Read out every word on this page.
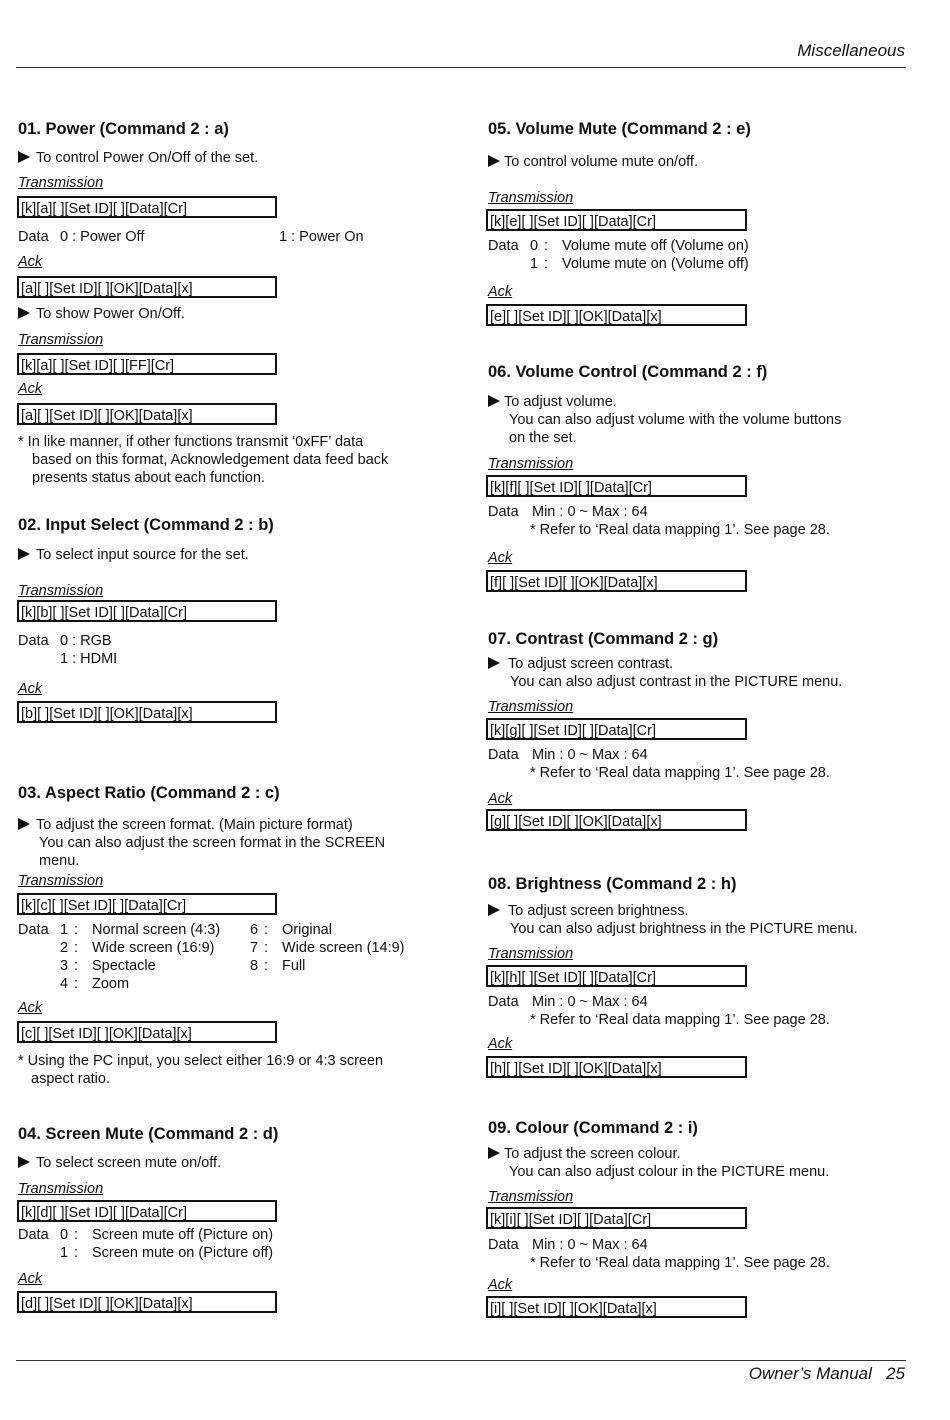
Miscellaneous
Owner’s Manual 25
01. Power (Command 2 : a)
To control Power On/Off of the set.
Transmission
[k][a][ ][Set ID][ ][Data][Cr]
Data 0 : Power Off	1 : Power On
Ack
[a][ ][Set ID][ ][OK][Data][x]
To show Power On/Off.
Transmission
[k][a][ ][Set ID][ ][FF][Cr]
Ack
[a][ ][Set ID][ ][OK][Data][x]
* In like manner, if other functions transmit ‘0xFF’ data
based on this format, Acknowledgement data feed back
presents status about each function.
02. Input Select (Command 2 : b)
To select input source for the set.
Transmission
[k][b][ ][Set ID][ ][Data][Cr]
Data 0 : RGB
1 : HDMI
Ack
[b][ ][Set ID][ ][OK][Data][x]
03. Aspect Ratio (Command 2 : c)
To adjust the screen format. (Main picture format)
You can also adjust the screen format in the SCREEN
menu.
Transmission
[k][c][ ][Set ID][ ][Data][Cr]
Data 1 : Normal screen (4:3)
2 : Wide screen (16:9)
3 : Spectacle
4 : Zoom
6 : Original
7 : Wide screen (14:9)
8 : Full
Ack
[c][ ][Set ID][ ][OK][Data][x]
* Using the PC input, you select either 16:9 or 4:3 screen
aspect ratio.
04. Screen Mute (Command 2 : d)
To select screen mute on/off.
Transmission
[k][d][ ][Set ID][ ][Data][Cr]
Data 0 : Screen mute off (Picture on)
1 : Screen mute on (Picture off)
Ack
[d][ ][Set ID][ ][OK][Data][x]
05. Volume Mute (Command 2 : e)
To control volume mute on/off.
Transmission
[k][e][ ][Set ID][ ][Data][Cr]
Data 0 : Volume mute off (Volume on)
1 : Volume mute on (Volume off)
Ack
[e][ ][Set ID][ ][OK][Data][x]
06. Volume Control (Command 2 : f)
To adjust volume.
You can also adjust volume with the volume buttons
on the set.
Transmission
[k][f][ ][Set ID][ ][Data][Cr]
Data Min : 0 ~ Max : 64
* Refer to ‘Real data mapping 1’. See page 28.
Ack
[f][ ][Set ID][ ][OK][Data][x]
07. Contrast (Command 2 : g)
To adjust screen contrast.
You can also adjust contrast in the PICTURE menu.
Transmission
[k][g][ ][Set ID][ ][Data][Cr]
Data Min : 0 ~ Max : 64
* Refer to ‘Real data mapping 1’. See page 28.
Ack
[g][ ][Set ID][ ][OK][Data][x]
08. Brightness (Command 2 : h)
To adjust screen brightness.
You can also adjust brightness in the PICTURE menu.
Transmission
[k][h][ ][Set ID][ ][Data][Cr]
Data Min : 0 ~ Max : 64
* Refer to ‘Real data mapping 1’. See page 28.
Ack
[h][ ][Set ID][ ][OK][Data][x]
09. Colour (Command 2 : i)
To adjust the screen colour.
You can also adjust colour in the PICTURE menu.
Transmission
[k][i][ ][Set ID][ ][Data][Cr]
Data Min : 0 ~ Max : 64
* Refer to ‘Real data mapping 1’. See page 28.
Ack
[i][ ][Set ID][ ][OK][Data][x]
